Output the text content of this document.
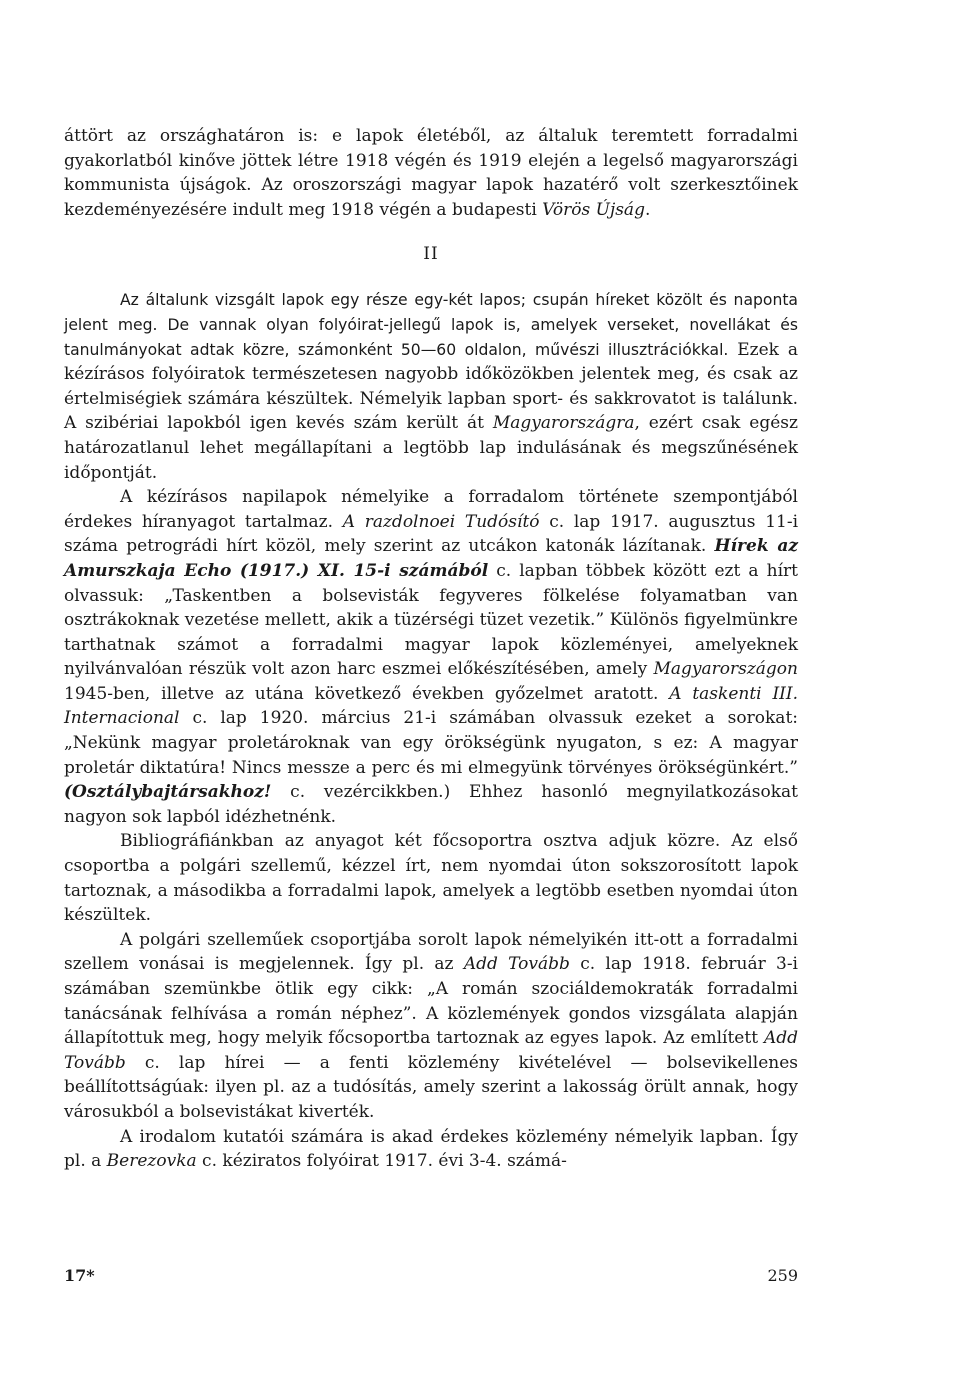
áttört az országhatáron is: e lapok életéből, az általuk teremtett forradalmi gyakorlatból kinőve jöttek létre 1918 végén és 1919 elején a legelső magyarországi kommunista újságok. Az oroszországi magyar lapok hazatérő volt szerkesztőinek kezdeményezésére indult meg 1918 végén a budapesti Vörös Újság.

II

Az általunk vizsgált lapok egy része egy-két lapos; csupán híreket közölt és naponta jelent meg. De vannak olyan folyóirat-jellegű lapok is, amelyek verseket, novellákat és tanulmányokat adtak közre, számonként 50—60 oldalon, művészi illusztrációkkal. Ezek a kézírásos folyóiratok természetesen nagyobb időközökben jelentek meg, és csak az értelmiségiek számára készültek. Némelyik lapban sport- és sakkrovatot is találunk. A szibériai lapokból igen kevés szám került át Magyarországra, ezért csak egész határozatlanul lehet megállapítani a legtöbb lap indulásának és megszűnésének időpontját.

A kézírásos napilapok némelyike a forradalom története szempontjából érdekes híranyagot tartalmaz. A razdolnoei Tudósító c. lap 1917. augusztus 11-i száma petrográdi hírt közöl, mely szerint az utcákon katonák lázítanak. Hírek az Amurszkaja Echo (1917.) XI. 15-i számából c. lapban többek között ezt a hírt olvassuk: „Taskentben a bolsevisták fegyveres fölkelése folyamatban van osztrákoknak vezetése mellett, akik a tüzérségi tüzet vezetik.” Különös figyelmünkre tarthatnak számot a forradalmi magyar lapok közleményei, amelyeknek nyilvánvalóan részük volt azon harc eszmei előkészítésében, amely Magyarországon 1945-ben, illetve az utána következő években győzelmet aratott. A taskenti III. Internacional c. lap 1920. március 21-i számában olvassuk ezeket a sorokat: „Nekünk magyar proletároknak van egy örökségünk nyugaton, s ez: A magyar proletár diktatúra! Nincs messze a perc és mi elmegyünk törvényes örökségünkért.” (Osztálybajtársakhoz! c. vezércikkben.) Ehhez hasonló megnyilatkozásokat nagyon sok lapból idézhetnénk.

Bibliográfiánkban az anyagot két főcsoportra osztva adjuk közre. Az első csoportba a polgári szellemű, kézzel írt, nem nyomdai úton sokszorosított lapok tartoznak, a másodikba a forradalmi lapok, amelyek a legtöbb esetben nyomdai úton készültek.

A polgári szelleműek csoportjába sorolt lapok némelyikén itt-ott a forradalmi szellem vonásai is megjelennek. Így pl. az Add Tovább c. lap 1918. február 3-i számában szemünkbe ötlik egy cikk: „A román szociáldemokraták forradalmi tanácsának felhívása a román néphez”. A közlemények gondos vizsgálata alapján állapítottuk meg, hogy melyik főcsoportba tartoznak az egyes lapok. Az említett Add Tovább c. lap hírei — a fenti közlemény kivételével — bolsevikellenes beállítottságúak: ilyen pl. az a tudósítás, amely szerint a lakosság örült annak, hogy városukból a bolsevistákat kiverték.

A irodalom kutatói számára is akad érdekes közlemény némelyik lapban. Így pl. a Berezovka c. kéziratos folyóirat 1917. évi 3-4. számá-

17*	259
